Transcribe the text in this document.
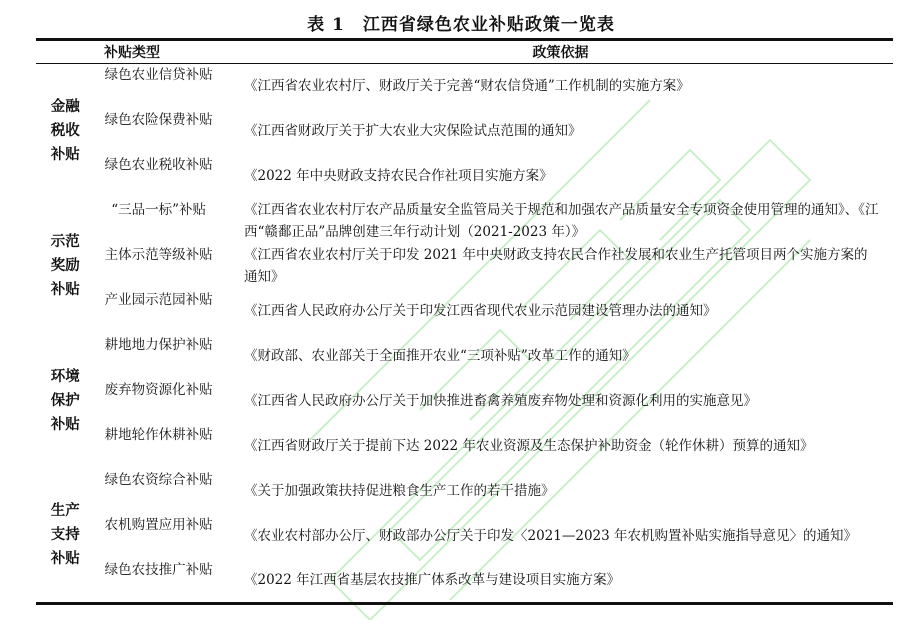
表 1　江西省绿色农业补贴政策一览表
补贴类型		政策依据
金融税收补贴	绿色农业信贷补贴	《江西省农业农村厅、财政厅关于完善“财农信贷通”工作机制的实施方案》

	绿色农险保费补贴	《江西省财政厅关于扩大农业大灾保险试点范围的通知》

	绿色农业税收补贴	《2022 年中央财政支持农民合作社项目实施方案》
示范奖励补贴	“三品一标”补贴	《江西省农业农村厅农产品质量安全监管局关于规范和加强农产品质量安全专项资金使用管理的通知》、《江西“赣鄱正品”品牌创建三年行动计划（2021-2023 年）》

	主体示范等级补贴	《江西省农业农村厅关于印发 2021 年中央财政支持农民合作社发展和农业生产托管项目两个实施方案的通知》

	产业园示范园补贴	《江西省人民政府办公厅关于印发江西省现代农业示范园建设管理办法的通知》
环境保护补贴	耕地地力保护补贴	《财政部、农业部关于全面推开农业“三项补贴”改革工作的通知》

	废弃物资源化补贴	《江西省人民政府办公厅关于加快推进畜禽养殖废弃物处理和资源化利用的实施意见》

	耕地轮作休耕补贴	《江西省财政厅关于提前下达 2022 年农业资源及生态保护补助资金（轮作休耕）预算的通知》
生产支持补贴	绿色农资综合补贴	《关于加强政策扶持促进粮食生产工作的若干措施》

	农机购置应用补贴	《农业农村部办公厅、财政部办公厅关于印发〈2021—2023 年农机购置补贴实施指导意见〉的通知》

	绿色农技推广补贴	《2022 年江西省基层农技推广体系改革与建设项目实施方案》
